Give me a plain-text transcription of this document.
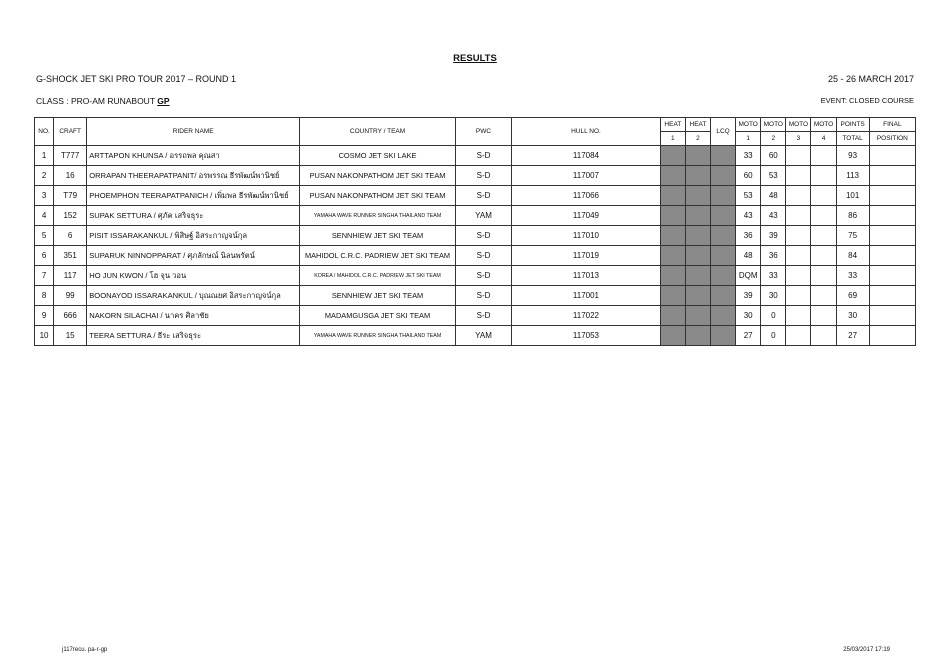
RESULTS
G-SHOCK JET SKI PRO TOUR 2017 – ROUND 1	25 - 26 MARCH 2017
CLASS : PRO-AM RUNABOUT GP	EVENT: CLOSED COURSE
NO.	CRAFT	RIDER NAME	COUNTRY / TEAM	PWC	HULL NO.	HEAT	HEAT	LCQ	MOTO	MOTO	MOTO	MOTO	POINTS	FINAL
						1	2		1	2	3	4	TOTAL	POSITION
1	T777	ARTTAPON KHUNSA / อรรถพล คุณสา	COSMO JET SKI LAKE	S-D	117084				33	60			93	
2	16	ORRAPAN THEERAPATPANIT/ อรพรรณ ธีรพัฒน์พานิชย์	PUSAN NAKONPATHOM JET SKI TEAM	S-D	117007				60	53			113	
3	T79	PHOEMPHON TEERAPATPANICH / เพิ่มพล ธีรพัฒน์พานิชย์	PUSAN NAKONPATHOM JET SKI TEAM	S-D	117066				53	48			101	
4	152	SUPAK SETTURA / ศุภัค เสริจธุระ	YAMAHA WAVE RUNNER SINGHA THAILAND TEAM	YAM	117049				43	43			86	
5	6	PISIT ISSARAKANKUL / พิสิษฐ์ อิสระกาญจน์กุล	SENNHIEW JET SKI TEAM	S-D	117010				36	39			75	
6	351	SUPARUK NINNOPPARAT / ศุภลักษณ์ นิลนพรัตน์	MAHIDOL C.R.C. PADRIEW JET SKI TEAM	S-D	117019				48	36			84	
7	117	HO JUN KWON / โฮ จุน วอน	KOREA / MAHIDOL C.R.C. PADRIEW JET SKI TEAM	S-D	117013				DQM	33			33	
8	99	BOONAYOD ISSARAKANKUL / บุณณยศ อิสระกาญจน์กุล	SENNHIEW JET SKI TEAM	S-D	117001				39	30			69	
9	666	NAKORN SILACHAI / นาคร ศิลาชัย	MADAMGUSGA JET SKI TEAM	S-D	117022				30	0			30	
10	15	TEERA SETTURA / ธีระ เสริจธุระ	YAMAHA WAVE RUNNER SINGHA THAILAND TEAM	YAM	117053				27	0			27	
j117recu. pa-r-gp	25/03/2017 17:19
